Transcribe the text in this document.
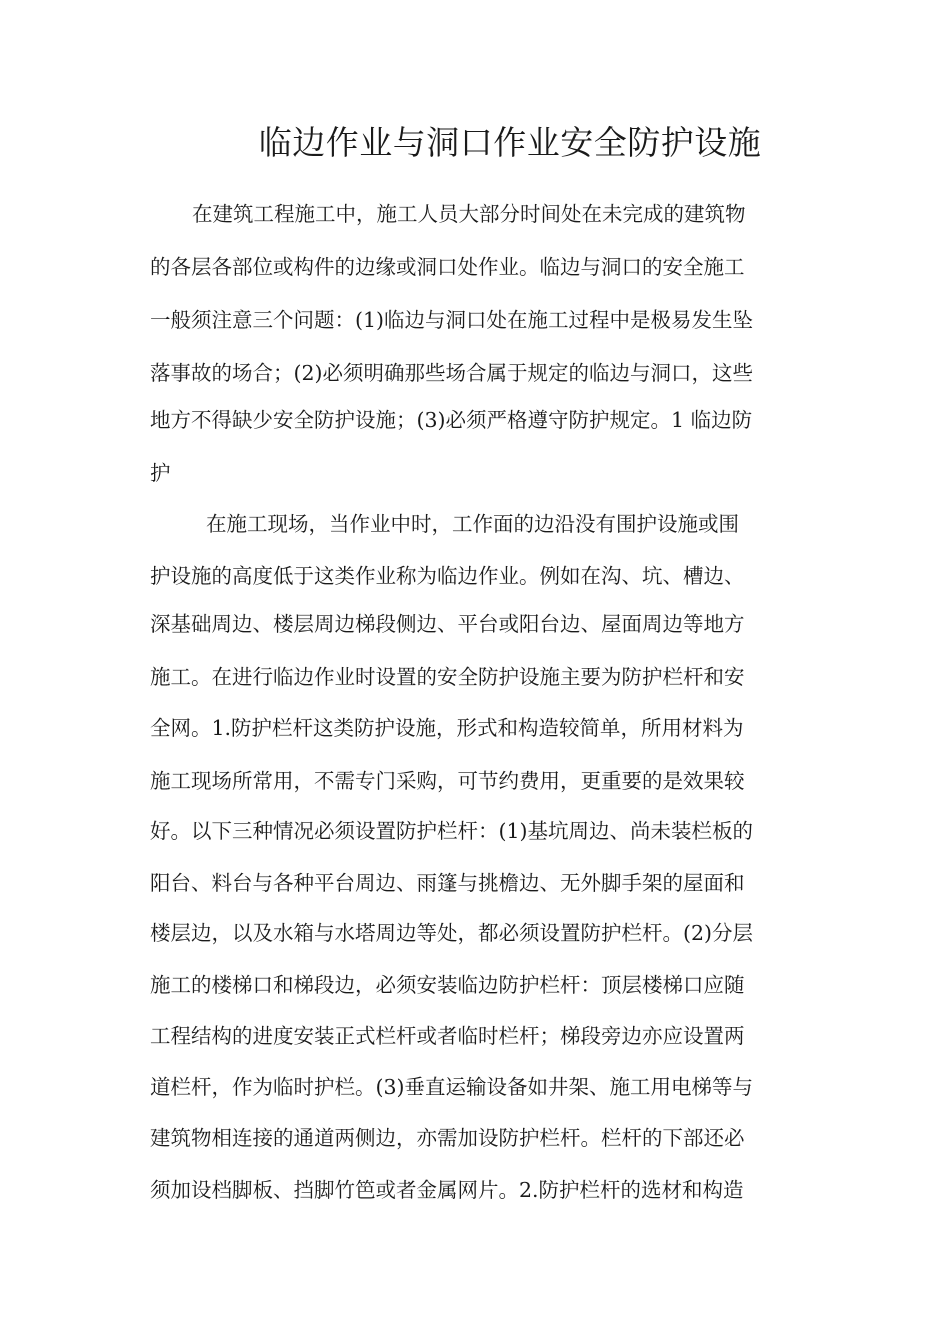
临边作业与洞口作业安全防护设施

在建筑工程施工中，施工人员大部分时间处在未完成的建筑物

的各层各部位或构件的边缘或洞口处作业。临边与洞口的安全施工

一般须注意三个问题：(1)临边与洞口处在施工过程中是极易发生坠

落事故的场合；(2)必须明确那些场合属于规定的临边与洞口，这些

地方不得缺少安全防护设施；(3)必须严格遵守防护规定。1 临边防

护

在施工现场，当作业中时，工作面的边沿没有围护设施或围

护设施的高度低于这类作业称为临边作业。例如在沟、坑、槽边、

深基础周边、楼层周边梯段侧边、平台或阳台边、屋面周边等地方

施工。在进行临边作业时设置的安全防护设施主要为防护栏杆和安

全网。1.防护栏杆这类防护设施，形式和构造较简单，所用材料为

施工现场所常用，不需专门采购，可节约费用，更重要的是效果较

好。以下三种情况必须设置防护栏杆：(1)基坑周边、尚未装栏板的

阳台、料台与各种平台周边、雨篷与挑檐边、无外脚手架的屋面和

楼层边，以及水箱与水塔周边等处，都必须设置防护栏杆。(2)分层

施工的楼梯口和梯段边，必须安装临边防护栏杆：顶层楼梯口应随

工程结构的进度安装正式栏杆或者临时栏杆；梯段旁边亦应设置两

道栏杆，作为临时护栏。(3)垂直运输设备如井架、施工用电梯等与

建筑物相连接的通道两侧边，亦需加设防护栏杆。栏杆的下部还必

须加设档脚板、挡脚竹笆或者金属网片。2.防护栏杆的选材和构造
